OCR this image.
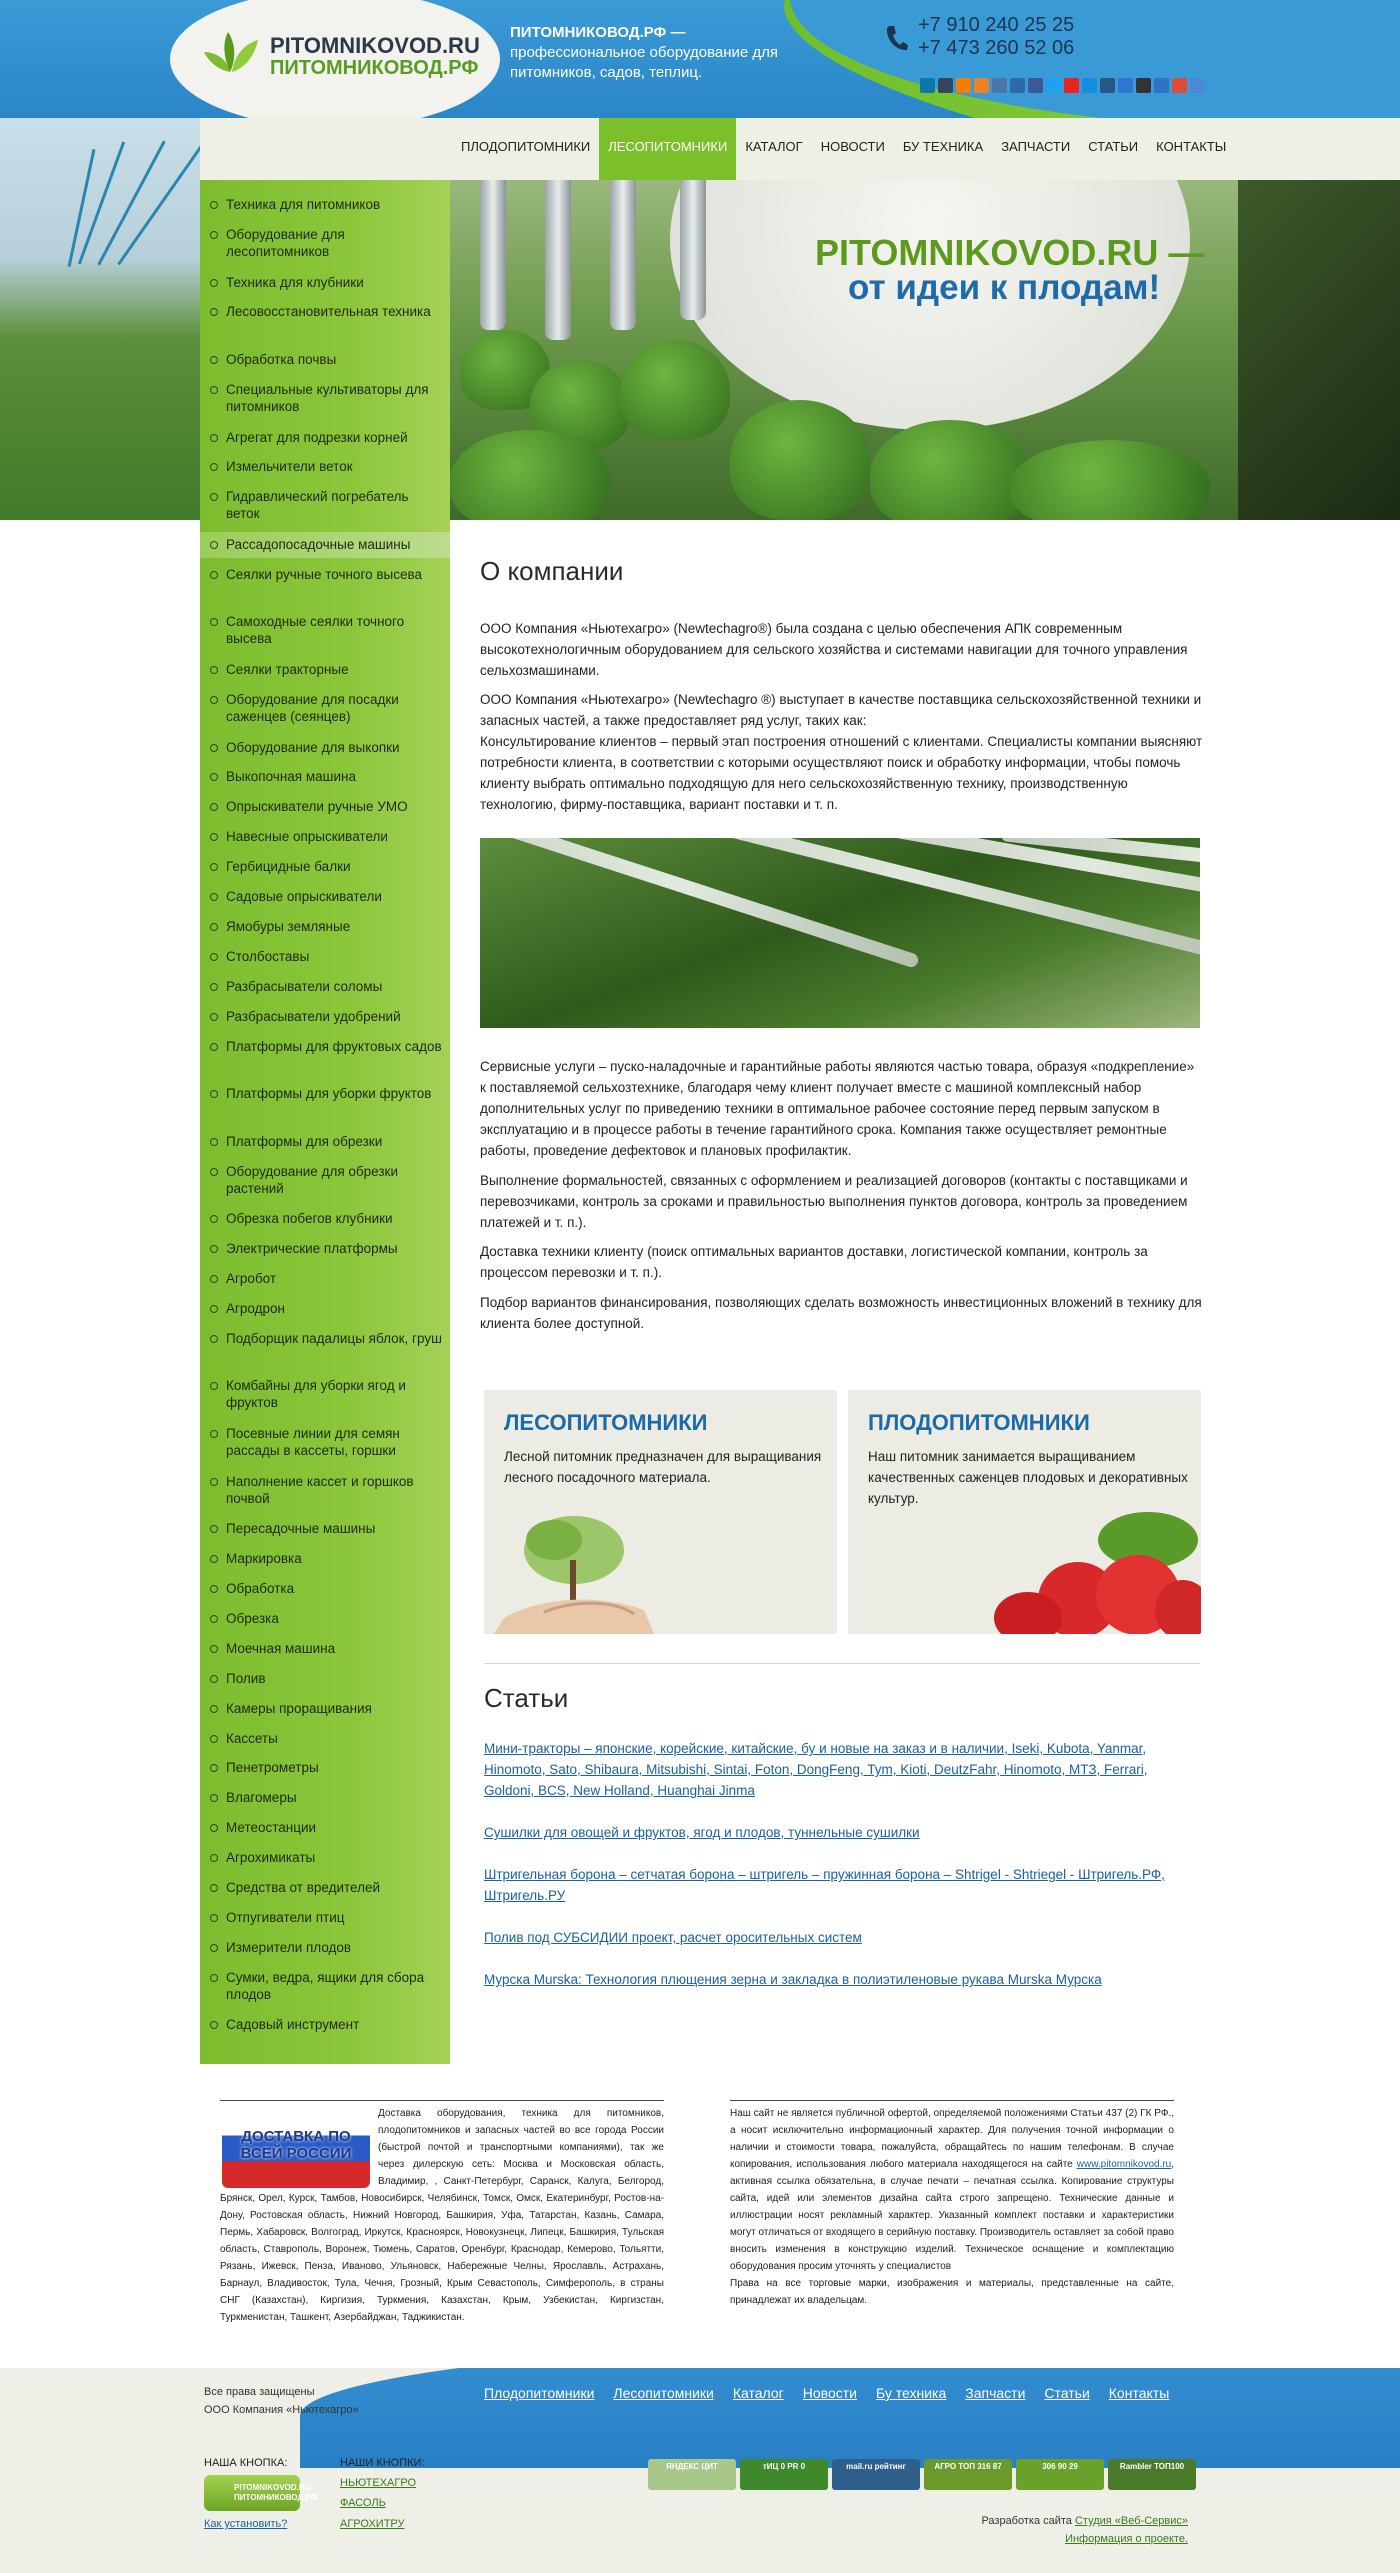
PITOMNIKOVOD.RU
ПИТОМНИКОВОД.РФ
ПИТОМНИКОВОД.РФ —
профессиональное оборудование для питомников, садов, теплиц.
+7 910 240 25 25
+7 473 260 52 06
ПЛОДОПИТОМНИКИ	ЛЕСОПИТОМНИКИ	КАТАЛОГ	НОВОСТИ	БУ ТЕХНИКА	ЗАПЧАСТИ	СТАТЬИ	КОНТАКТЫ
Техника для питомников
Оборудование для лесопитомников
Техника для клубники
Лесовосстановительная техника
Обработка почвы
Специальные культиваторы для питомников
Агрегат для подрезки корней
Измельчители веток
Гидравлический погребатель веток
Рассадопосадочные машины
Сеялки ручные точного высева
Самоходные сеялки точного высева
Сеялки тракторные
Оборудование для посадки саженцев (сеянцев)
Оборудование для выкопки
Выкопочная машина
Опрыскиватели ручные УМО
Навесные опрыскиватели
Гербицидные балки
Садовые опрыскиватели
Ямобуры земляные
Столбоставы
Разбрасыватели соломы
Разбрасыватели удобрений
Платформы для фруктовых садов
Платформы для уборки фруктов
Платформы для обрезки
Оборудование для обрезки растений
Обрезка побегов клубники
Электрические платформы
Агробот
Агродрон
Подборщик падалицы яблок, груш
Комбайны для уборки ягод и фруктов
Посевные линии для семян рассады в кассеты, горшки
Наполнение кассет и горшков почвой
Пересадочные машины
Маркировка
Обработка
Обрезка
Моечная машина
Полив
Камеры проращивания
Кассеты
Пенетрометры
Влагомеры
Метеостанции
Агрохимикаты
Средства от вредителей
Отпугиватели птиц
Измерители плодов
Сумки, ведра, ящики для сбора плодов
Садовый инструмент
PITOMNIKOVOD.RU —
от идеи к плодам!
О компании

ООО Компания «Ньютехагро» (Newtechagro®) была создана с целью обеспечения АПК современным высокотехнологичным оборудованием для сельского хозяйства и системами навигации для точного управления сельхозмашинами.

ООО Компания «Ньютехагро» (Newtechagro ®) выступает в качестве поставщика сельскохозяйственной техники и запасных частей, а также предоставляет ряд услуг, таких как:

Консультирование клиентов – первый этап построения отношений с клиентами. Специалисты компании выясняют потребности клиента, в соответствии с которыми осуществляют поиск и обработку информации, чтобы помочь клиенту выбрать оптимально подходящую для него сельскохозяйственную технику, производственную технологию, фирму-поставщика, вариант поставки и т. п.

Сервисные услуги – пуско-наладочные и гарантийные работы являются частью товара, образуя «подкрепление» к поставляемой сельхозтехнике, благодаря чему клиент получает вместе с машиной комплексный набор дополнительных услуг по приведению техники в оптимальное рабочее состояние перед первым запуском в эксплуатацию и в процессе работы в течение гарантийного срока. Компания также осуществляет ремонтные работы, проведение дефектовок и плановых профилактик.

Выполнение формальностей, связанных с оформлением и реализацией договоров (контакты с поставщиками и перевозчиками, контроль за сроками и правильностью выполнения пунктов договора, контроль за проведением платежей и т. п.).

Доставка техники клиенту (поиск оптимальных вариантов доставки, логистической компании, контроль за процессом перевозки и т. п.).

Подбор вариантов финансирования, позволяющих сделать возможность инвестиционных вложений в технику для клиента более доступной.

ЛЕСОПИТОМНИКИ
Лесной питомник предназначен для выращивания лесного посадочного материала.
ПЛОДОПИТОМНИКИ
Наш питомник занимается выращиванием качественных саженцев плодовых и декоративных культур.
Статьи
Мини-тракторы – японские, корейские, китайские, бу и новые на заказ и в наличии, Iseki, Kubota, Yanmar, Hinomoto, Sato, Shibaura, Mitsubishi, Sintai, Foton, DongFeng, Tym, Kioti, DeutzFahr, Hinomoto, МТЗ, Ferrari, Goldoni, BCS, New Holland, Huanghai Jinma
Сушилки для овощей и фруктов, ягод и плодов, туннельные сушилки
Штригельная борона – сетчатая борона – штригель – пружинная борона – Shtrigel - Shtriegel - Штригель.РФ, Штригель.РУ
Полив под СУБСИДИИ проект, расчет оросительных систем
Мурска Murska: Технология плющения зерна и закладка в полиэтиленовые рукава Murska Мурска
Доставка оборудования, техника для питомников, плодопитомников и запасных частей во все города России (быстрой почтой и транспортными компаниями), так же через дилерскую сеть: Москва и Московская область, Владимир, , Санкт-Петербург, Саранск, Калуга, Белгород, Брянск, Орел, Курск, Тамбов, Новосибирск, Челябинск, Томск, Омск, Екатеринбург, Ростов-на-Дону, Ростовская область, Нижний Новгород, Башкирия, Уфа, Татарстан, Казань, Самара, Пермь, Хабаровск, Волгоград, Иркутск, Красноярск, Новокузнецк, Липецк, Башкирия, Тульская область, Ставрополь, Воронеж, Тюмень, Саратов, Оренбург, Краснодар, Кемерово, Тольятти, Рязань, Ижевск, Пенза, Иваново, Ульяновск, Набережные Челны, Ярославль, Астрахань, Барнаул, Владивосток, Тула, Чечня, Грозный, Крым Севастополь, Симферополь, в страны СНГ (Казахстан), Киргизия, Туркмения, Казахстан, Крым, Узбекистан, Киргизстан, Туркменистан, Ташкент, Азербайджан, Таджикистан.
ДОСТАВКА ПО ВСЕЙ РОССИИ
Наш сайт не является публичной офертой, определяемой положениями Статьи 437 (2) ГК РФ., а носит исключительно информационный характер. Для получения точной информации о наличии и стоимости товара, пожалуйста, обращайтесь по нашим телефонам. В случае копирования, использования любого материала находящегося на сайте www.pitomnikovod.ru, активная ссылка обязательна, в случае печати – печатная ссылка. Копирование структуры сайта, идей или элементов дизайна сайта строго запрещено. Технические данные и иллюстрации носят рекламный характер. Указанный комплект поставки и характеристики могут отличаться от входящего в серийную поставку. Производитель оставляет за собой право вносить изменения в конструкцию изделий. Техническое оснащение и комплектацию оборудования просим уточнять у специалистов
Права на все торговые марки, изображения и материалы, представленные на сайте, принадлежат их владельцам.
Все права защищены
ООО Компания «Ньютехагро»
Плодопитомники Лесопитомники Каталог Новости Бу техника Запчасти Статьи Контакты
НАША КНОПКА:
PITOMNIKOVOD.RU ПИТОМНИКОВОД.РФ
Как установить?
НАШИ КНОПКИ:
НЬЮТЕХАГРО
ФАСОЛЬ
АГРОХИТРУ
ЯНДЕКС ЦИТ	тИЦ 0 PR 0	mail.ru рейтинг	АГРО ТОП 316 87	306 90 29	Rambler ТОП100
Разработка сайта Студия «Веб-Сервис»
Информация о проекте.
